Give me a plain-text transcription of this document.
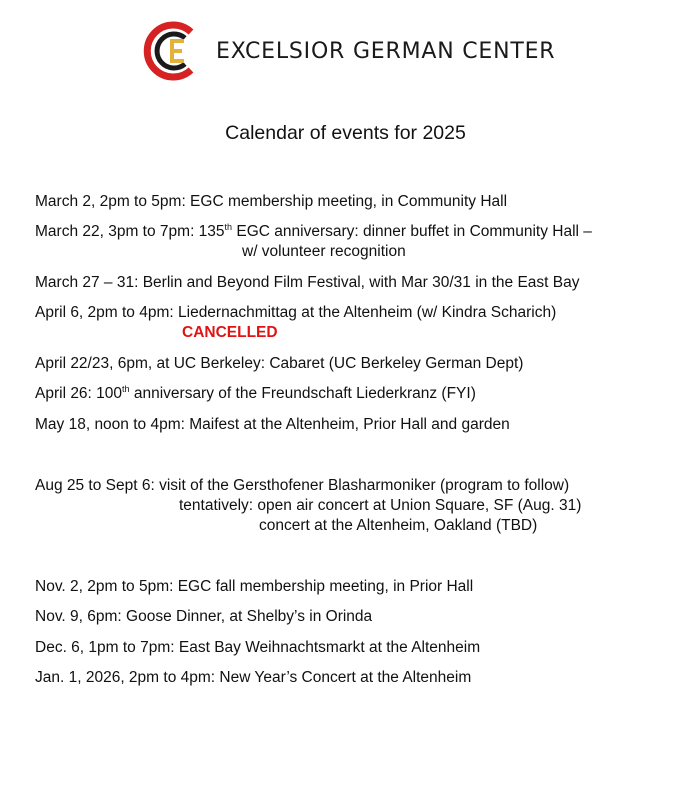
EXCELSIOR GERMAN CENTER
Calendar of events for 2025
March 2, 2pm to 5pm: EGC membership meeting, in Community Hall
March 22, 3pm to 7pm: 135th EGC anniversary: dinner buffet in Community Hall –
w/ volunteer recognition
March 27 – 31: Berlin and Beyond Film Festival, with Mar 30/31 in the East Bay
April 6, 2pm to 4pm: Liedernachmittag at the Altenheim (w/ Kindra Scharich)
CANCELLED
April 22/23, 6pm, at UC Berkeley: Cabaret (UC Berkeley German Dept)
April 26: 100th anniversary of the Freundschaft Liederkranz (FYI)
May 18, noon to 4pm: Maifest at the Altenheim, Prior Hall and garden
Aug 25 to Sept 6: visit of the Gersthofener Blasharmoniker (program to follow)
tentatively: open air concert at Union Square, SF (Aug. 31)
concert at the Altenheim, Oakland (TBD)
Nov. 2, 2pm to 5pm: EGC fall membership meeting, in Prior Hall
Nov. 9, 6pm: Goose Dinner, at Shelby’s in Orinda
Dec. 6, 1pm to 7pm: East Bay Weihnachtsmarkt at the Altenheim
Jan. 1, 2026, 2pm to 4pm: New Year’s Concert at the Altenheim
